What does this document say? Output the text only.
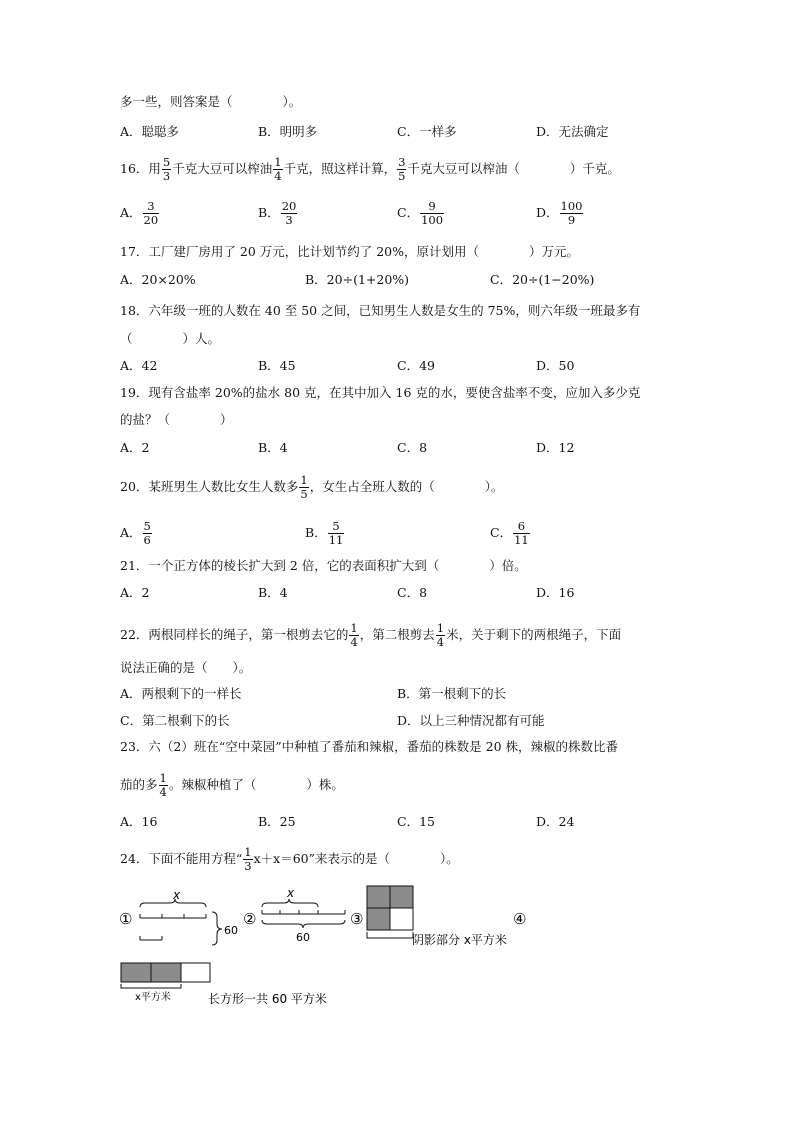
多一些，则答案是（　　　　）。
A．聪聪多	B．明明多	C．一样多	D．无法确定
16．用 $\frac{5}{3}$ 千克大豆可以榨油 $\frac{1}{4}$ 千克，照这样计算， $\frac{3}{5}$ 千克大豆可以榨油（　　　　）千克。
A． $\frac{3}{20}$	B． $\frac{20}{3}$	C． $\frac{9}{100}$	D． $\frac{100}{9}$
17．工厂建厂房用了 20 万元，比计划节约了 20%，原计划用（　　　　）万元。
A．20×20%	B．20÷(1+20%)	C．20÷(1−20%)
18．六年级一班的人数在 40 至 50 之间，已知男生人数是女生的 75%，则六年级一班最多有
（　　　　）人。
A．42	B．45	C．49	D．50
19．现有含盐率 20%的盐水 80 克，在其中加入 16 克的水，要使含盐率不变，应加入多少克
的盐？（　　　　）
A．2	B．4	C．8	D．12
20．某班男生人数比女生人数多 $\frac{1}{5}$ ，女生占全班人数的（　　　　）。
A． $\frac{5}{6}$	B． $\frac{5}{11}$	C． $\frac{6}{11}$
21．一个正方体的棱长扩大到 2 倍，它的表面积扩大到（　　　　）倍。
A．2	B．4	C．8	D．16
22．两根同样长的绳子，第一根剪去它的 $\frac{1}{4}$ ，第二根剪去 $\frac{1}{4}$ 米，关于剩下的两根绳子，下面
说法正确的是（　　）。
A．两根剩下的一样长	B．第一根剩下的长
C．第二根剩下的长	D．以上三种情况都有可能
23．六（2）班在“空中菜园”中种植了番茄和辣椒，番茄的株数是 20 株，辣椒的株数比番
茄的多 $\frac{1}{4}$ 。辣椒种植了（　　　　）株。
A．16	B．25	C．15	D．24
24．下面不能用方程“ $\frac{1}{3} x+x=60$”来表示的是（　　　　）。
①
x
60
②
x
60
③
阴影部分 x平方米
④
x平方米	长方形一共 60 平方米
